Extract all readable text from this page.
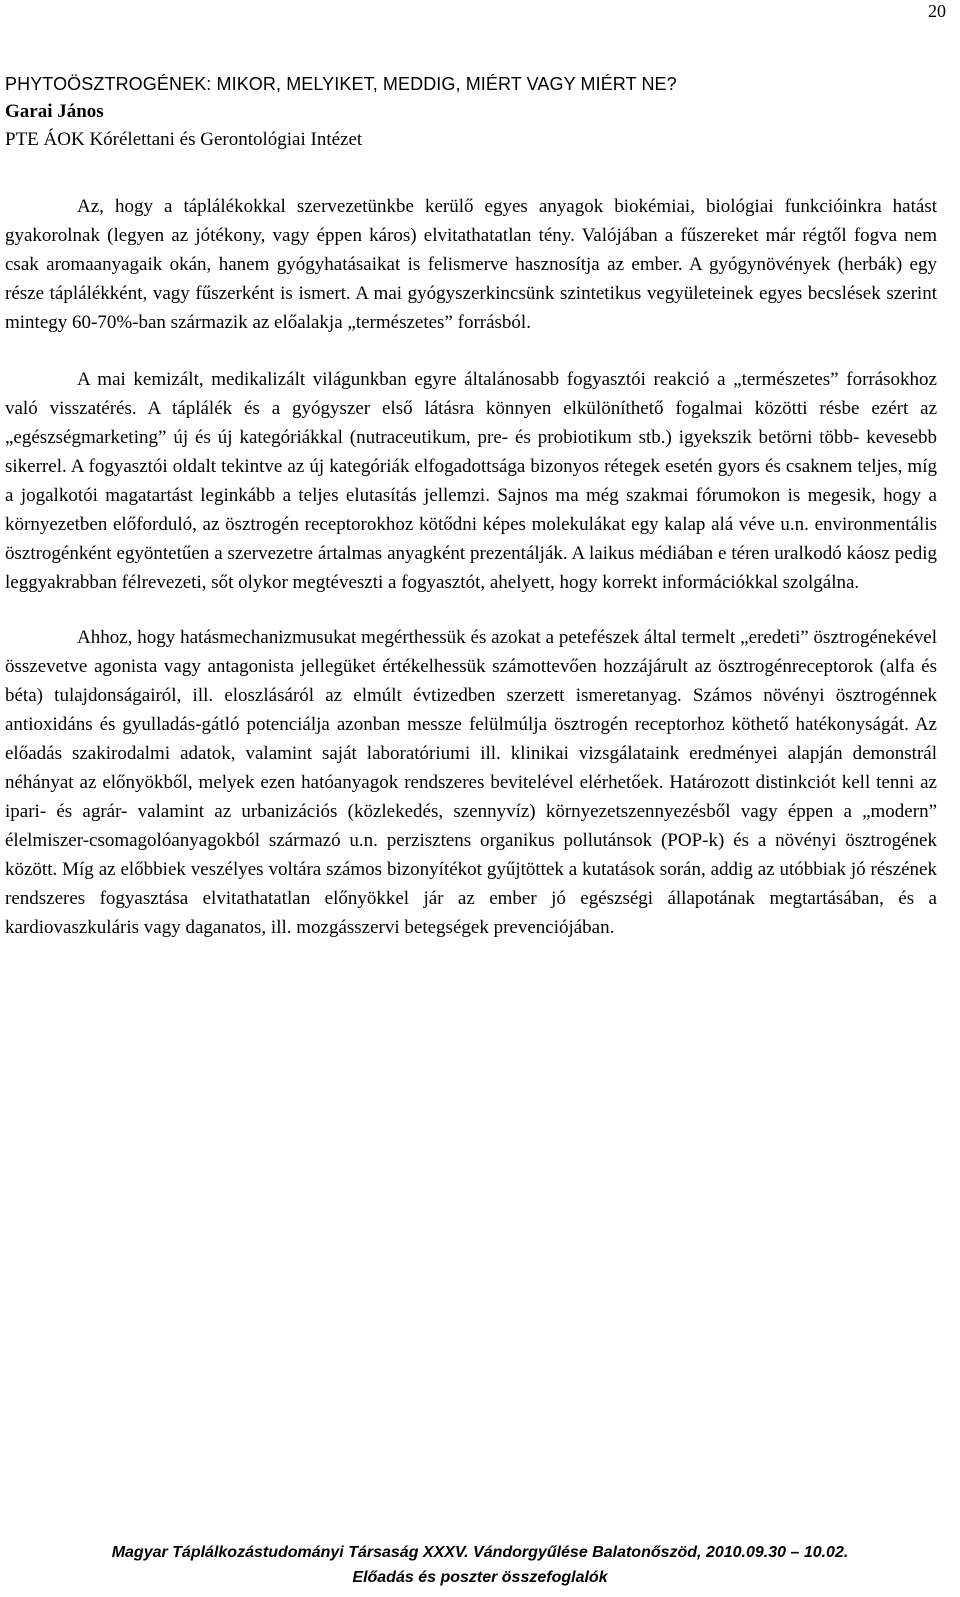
20

PHYTOÖSZTROGÉNEK: MIKOR, MELYIKET, MEDDIG, MIÉRT VAGY MIÉRT NE?

Garai János

PTE ÁOK Kórélettani és Gerontológiai Intézet

Az, hogy a táplálékokkal szervezetünkbe kerülő egyes anyagok biokémiai, biológiai funkcióinkra hatást gyakorolnak (legyen az jótékony, vagy éppen káros) elvitathatatlan tény. Valójában a fűszereket már régtől fogva nem csak aromaanyagaik okán, hanem gyógyhatásaikat is felismerve hasznosítja az ember. A gyógynövények (herbák) egy része táplálékként, vagy fűszerként is ismert. A mai gyógyszerkincsünk szintetikus vegyületeinek egyes becslések szerint mintegy 60-70%-ban származik az előalakja „természetes” forrásból.

A mai kemizált, medikalizált világunkban egyre általánosabb fogyasztói reakció a „természetes” forrásokhoz való visszatérés. A táplálék és a gyógyszer első látásra könnyen elkülöníthető fogalmai közötti résbe ezért az „egészségmarketing” új és új kategóriákkal (nutraceutikum, pre- és probiotikum stb.) igyekszik betörni több- kevesebb sikerrel. A fogyasztói oldalt tekintve az új kategóriák elfogadottsága bizonyos rétegek esetén gyors és csaknem teljes, míg a jogalkotói magatartást leginkább a teljes elutasítás jellemzi. Sajnos ma még szakmai fórumokon is megesik, hogy a környezetben előforduló, az ösztrogén receptorokhoz kötődni képes molekulákat egy kalap alá véve u.n. environmentális ösztrogénként egyöntetűen a szervezetre ártalmas anyagként prezentálják. A laikus médiában e téren uralkodó káosz pedig leggyakrabban félrevezeti, sőt olykor megtéveszti a fogyasztót, ahelyett, hogy korrekt információkkal szolgálna.

Ahhoz, hogy hatásmechanizmusukat megérthessük és azokat a petefészek által termelt „eredeti” ösztrogénekével összevetve agonista vagy antagonista jellegüket értékelhessük számottevően hozzájárult az ösztrogénreceptorok (alfa és béta) tulajdonságairól, ill. eloszlásáról az elmúlt évtizedben szerzett ismeretanyag. Számos növényi ösztrogénnek antioxidáns és gyulladás-gátló potenciálja azonban messze felülmúlja ösztrogén receptorhoz köthető hatékonyságát. Az előadás szakirodalmi adatok, valamint saját laboratóriumi ill. klinikai vizsgálataink eredményei alapján demonstrál néhányat az előnyökből, melyek ezen hatóanyagok rendszeres bevitelével elérhetőek. Határozott distinkciót kell tenni az ipari- és agrár- valamint az urbanizációs (közlekedés, szennyvíz) környezetszennyezésből vagy éppen a „modern” élelmiszer-csomagolóanyagokból származó u.n. perzisztens organikus pollutánsok (POP-k) és a növényi ösztrogének között. Míg az előbbiek veszélyes voltára számos bizonyítékot gyűjtöttek a kutatások során, addig az utóbbiak jó részének rendszeres fogyasztása elvitathatatlan előnyökkel jár az ember jó egészségi állapotának megtartásában, és a kardiovaszkuláris vagy daganatos, ill. mozgásszervi betegségek prevenciójában.

Magyar Táplálkozástudományi Társaság XXXV. Vándorgyűlése Balatonőszöd, 2010.09.30 – 10.02.
Előadás és poszter összefoglalók
